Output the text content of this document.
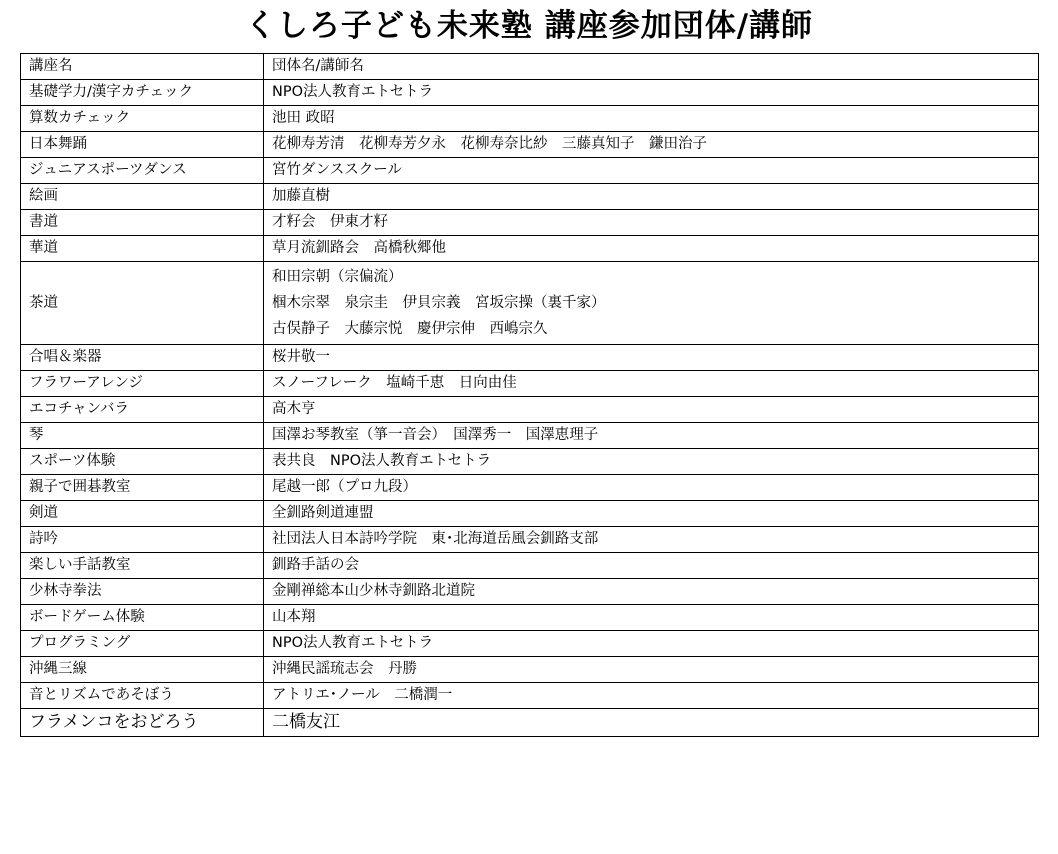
くしろ子ども未来塾 講座参加団体/講師
講座名	団体名/講師名
基礎学力/漢字カチェック	NPO法人教育エトセトラ
算数カチェック	池田 政昭
日本舞踊	花柳寿芳清　花柳寿芳夕永　花柳寿奈比紗　三藤真知子　鎌田治子
ジュニアスポーツダンス	宮竹ダンススクール
絵画	加藤直樹
書道	才籽会　伊東才籽
華道	草月流釧路会　高橋秋郷他
茶道	和田宗朝（宗偏流）
椢木宗翠　泉宗圭　伊貝宗義　宮坂宗操（裏千家）
古俣静子　大藤宗悦　慶伊宗伸　西嶋宗久

合唱＆楽器	桜井敬一
フラワーアレンジ	スノーフレーク　塩崎千恵　日向由佳
エコチャンバラ	高木亨
琴	国澤お琴教室（箏一音会）　国澤秀一　国澤恵理子
スポーツ体験	表共良　NPO法人教育エトセトラ
親子で囲碁教室	尾越一郎（プロ九段）
剣道	全釧路剣道連盟
詩吟	社団法人日本詩吟学院　東･北海道岳風会釧路支部
楽しい手話教室	釧路手話の会
少林寺拳法	金剛禅総本山少林寺釧路北道院
ボードゲーム体験	山本翔
プログラミング	NPO法人教育エトセトラ
沖縄三線	沖縄民謡琉志会　丹勝
音とリズムであそぼう	アトリエ･ノール　二橋潤一
フラメンコをおどろう	二橋友江
